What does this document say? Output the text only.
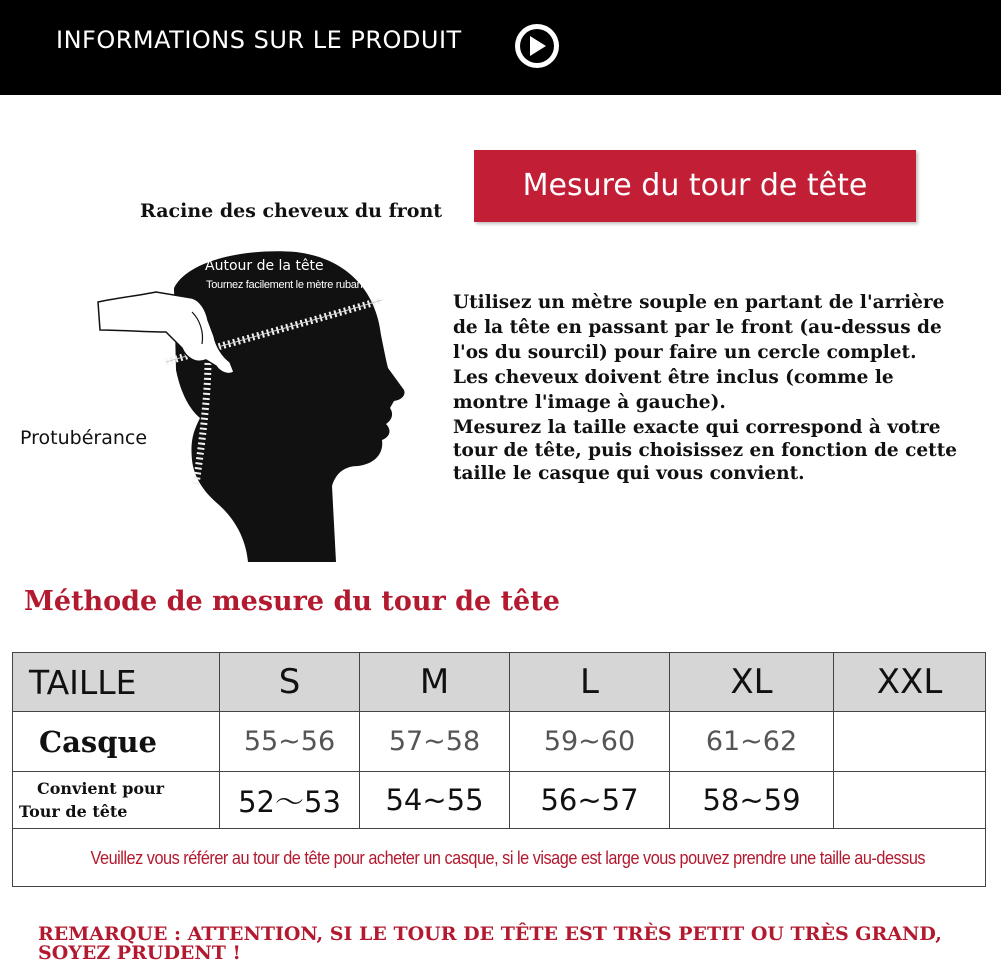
INFORMATIONS SUR LE PRODUIT
Mesure du tour de tête
Racine des cheveux du front
Protubérance
Autour de la tête
Tournez facilement le mètre ruban

Utilisez un mètre souple en partant de l'arrière
de la tête en passant par le front (au-dessus de
l'os du sourcil) pour faire un cercle complet.
Les cheveux doivent être inclus (comme le
montre l'image à gauche).

Mesurez la taille exacte qui correspond à votre
tour de tête, puis choisissez en fonction de cette
taille le casque qui vous convient.

Méthode de mesure du tour de tête
TAILLE	S	M	L	XL	XXL
Casque	55~56	57~58	59~60	61~62
Convient pour
Tour de tête	52～53	54~55	56~57	58~59
Veuillez vous référer au tour de tête pour acheter un casque, si le visage est large vous pouvez prendre une taille au-dessus
REMARQUE : ATTENTION, SI LE TOUR DE TÊTE EST TRÈS PETIT OU TRÈS GRAND,
SOYEZ PRUDENT !
